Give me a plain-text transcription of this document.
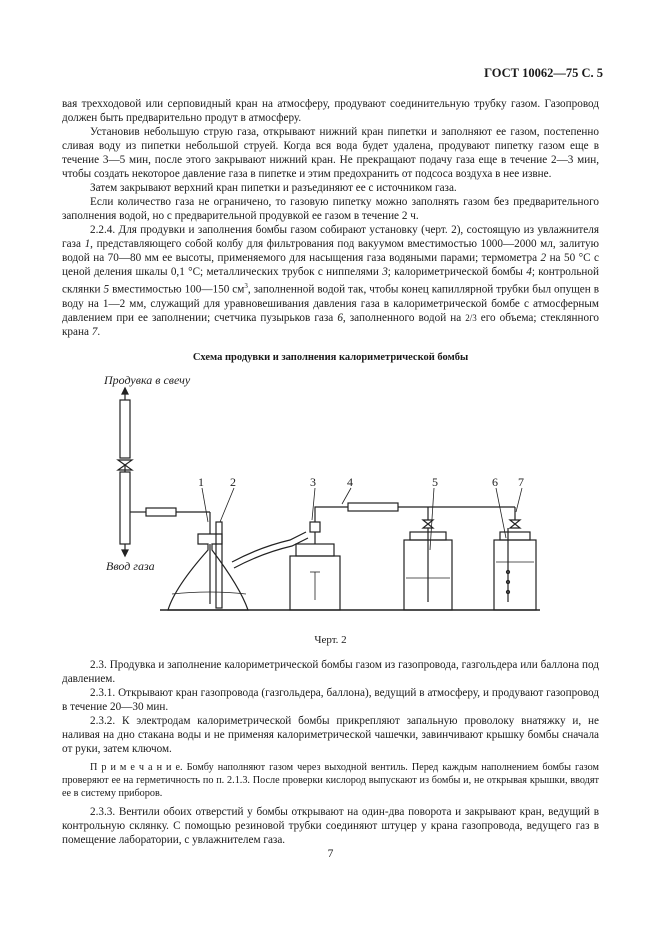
ГОСТ 10062—75 С. 5

вая трехходовой или серповидный кран на атмосферу, продувают соединительную трубку газом. Газопровод должен быть предварительно продут в атмосферу.

Установив небольшую струю газа, открывают нижний кран пипетки и заполняют ее газом, постепенно сливая воду из пипетки небольшой струей. Когда вся вода будет удалена, продувают пипетку газом еще в течение 3—5 мин, после этого закрывают нижний кран. Не прекращают подачу газа еще в течение 2—3 мин, чтобы создать некоторое давление газа в пипетке и этим предохранить от подсоса воздуха в нее извне.

Затем закрывают верхний кран пипетки и разъединяют ее с источником газа.

Если количество газа не ограничено, то газовую пипетку можно заполнять газом без предварительного заполнения водой, но с предварительной продувкой ее газом в течение 2 ч.

2.2.4. Для продувки и заполнения бомбы газом собирают установку (черт. 2), состоящую из увлажнителя газа 1, представляющего собой колбу для фильтрования под вакуумом вместимостью 1000—2000 мл, залитую водой на 70—80 мм ее высоты, применяемого для насыщения газа водяными парами; термометра 2 на 50 °С с ценой деления шкалы 0,1 °С; металлических трубок с ниппелями 3; калориметрической бомбы 4; контрольной склянки 5 вместимостью 100—150 $см^3$, заполненной водой так, чтобы конец капиллярной трубки был опущен в воду на 1—2 мм, служащий для уравновешивания давления газа в калориметрической бомбе с атмосферным давлением при ее заполнении; счетчика пузырьков газа 6, заполненного водой на 2/3 его объема; стеклянного крана 7.

Схема продувки и заполнения калориметрической бомбы
Продувка в свечу
Ввод газа
1 2	3	4	5	6 7
Черт. 2

2.3. Продувка и заполнение калориметрической бомбы газом из газопровода, газгольдера или баллона под давлением.

2.3.1. Открывают кран газопровода (газгольдера, баллона), ведущий в атмосферу, и продувают газопровод в течение 20—30 мин.

2.3.2. К электродам калориметрической бомбы прикрепляют запальную проволоку внатяжку и, не наливая на дно стакана воды и не применяя калориметрической чашечки, завинчивают крышку бомбы сначала от руки, затем ключом.

П р и м е ч а н и е. Бомбу наполняют газом через выходной вентиль. Перед каждым наполнением бомбы газом проверяют ее на герметичность по п. 2.1.3. После проверки кислород выпускают из бомбы и, не открывая крышки, вводят ее в систему приборов.

2.3.3. Вентили обоих отверстий у бомбы открывают на один-два поворота и закрывают кран, ведущий в контрольную склянку. С помощью резиновой трубки соединяют штуцер у крана газопровода, ведущего газ в помещение лаборатории, с увлажнителем газа.

7
